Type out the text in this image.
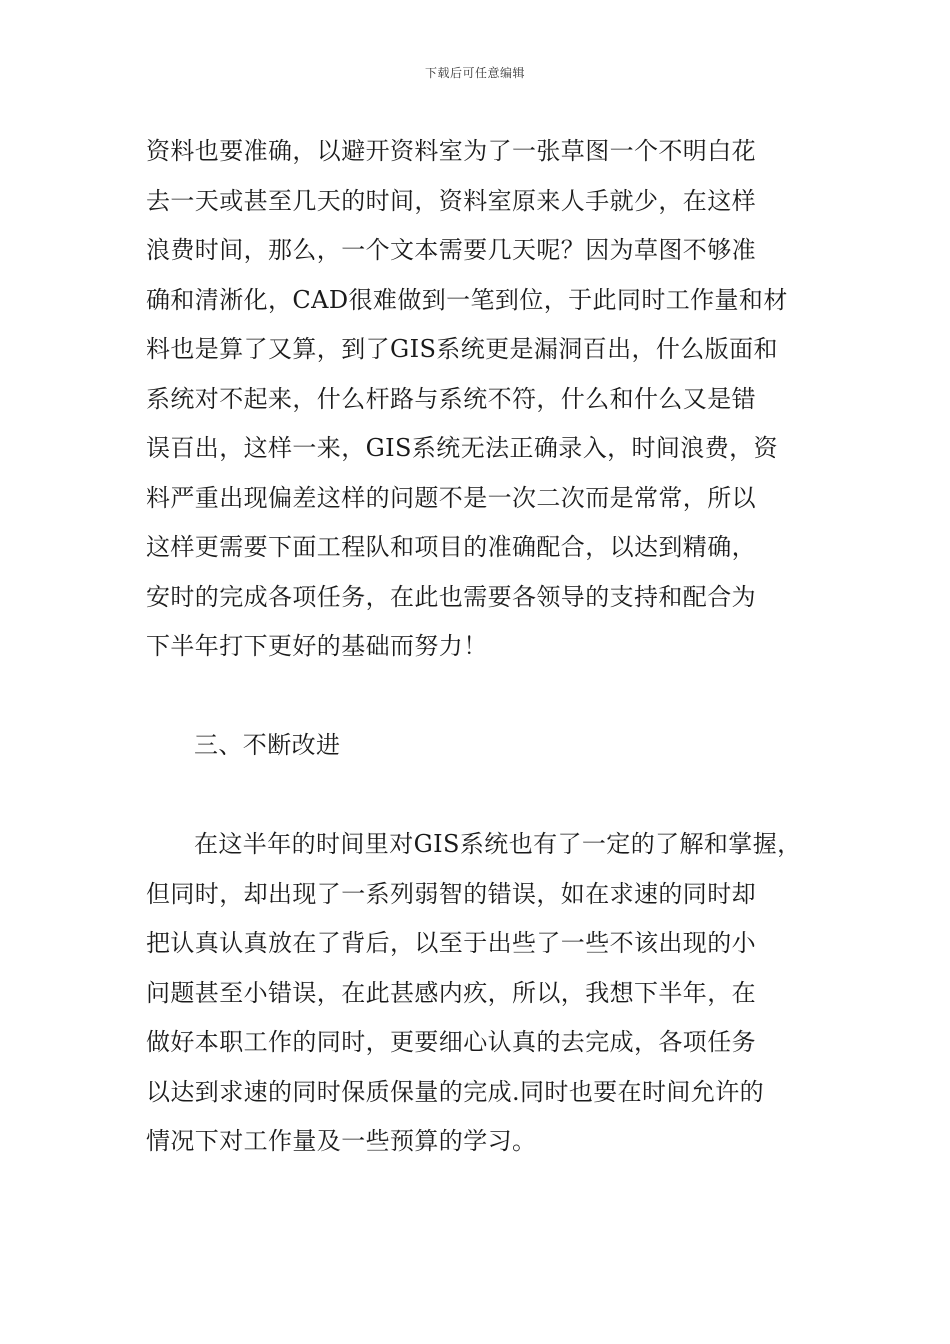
下载后可任意编辑
资料也要准确，以避开资料室为了一张草图一个不明白花
去一天或甚至几天的时间，资料室原来人手就少，在这样
浪费时间，那么，一个文本需要几天呢？因为草图不够准
确和清淅化，CAD很难做到一笔到位，于此同时工作量和材
料也是算了又算，到了GIS系统更是漏洞百出，什么版面和
系统对不起来，什么杆路与系统不符，什么和什么又是错
误百出，这样一来，GIS系统无法正确录入，时间浪费，资
料严重出现偏差这样的问题不是一次二次而是常常，所以
这样更需要下面工程队和项目的准确配合，以达到精确，
安时的完成各项任务，在此也需要各领导的支持和配合为
下半年打下更好的基础而努力！
三、不断改进
在这半年的时间里对GIS系统也有了一定的了解和掌握，
但同时，却出现了一系列弱智的错误，如在求速的同时却
把认真认真放在了背后，以至于出些了一些不该出现的小
问题甚至小错误，在此甚感内疚，所以，我想下半年，在
做好本职工作的同时，更要细心认真的去完成，各项任务
以达到求速的同时保质保量的完成.同时也要在时间允许的
情况下对工作量及一些预算的学习。
